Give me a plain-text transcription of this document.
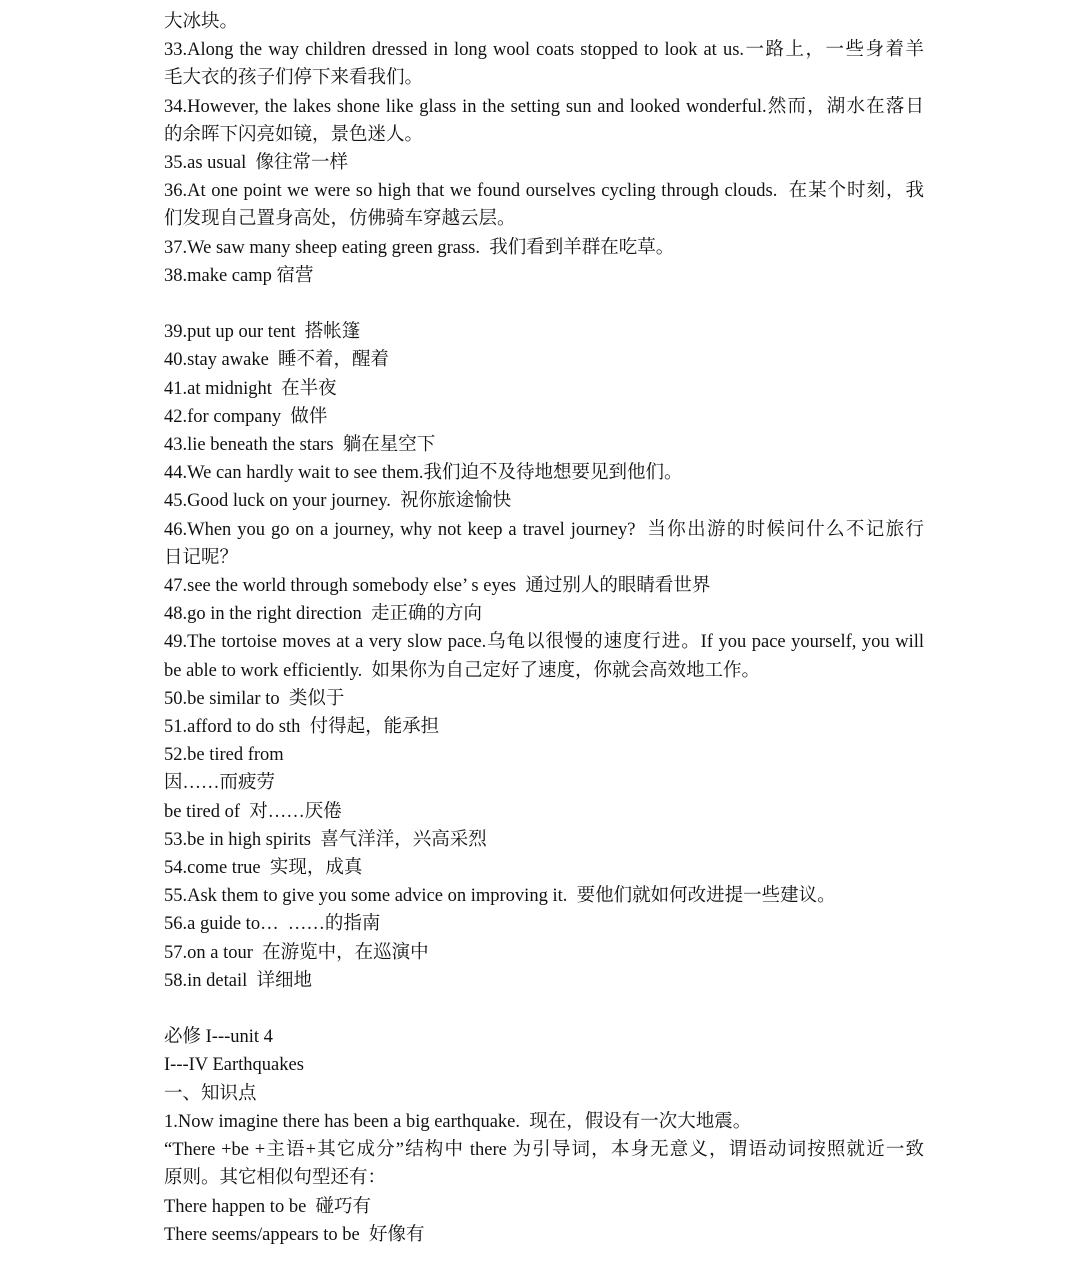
大冰块。
33.Along the way children dressed in long wool coats stopped to look at us.一路上，一些身着羊
毛大衣的孩子们停下来看我们。
34.However, the lakes shone like glass in the setting sun and looked wonderful.然而，湖水在落日
的余晖下闪亮如镜，景色迷人。
35.as usual  像往常一样
36.At one point we were so high that we found ourselves cycling through clouds.  在某个时刻，我
们发现自己置身高处，仿佛骑车穿越云层。
37.We saw many sheep eating green grass.  我们看到羊群在吃草。
38.make camp 宿营
39.put up our tent  搭帐篷
40.stay awake  睡不着，醒着
41.at midnight  在半夜
42.for company  做伴
43.lie beneath the stars  躺在星空下
44.We can hardly wait to see them.我们迫不及待地想要见到他们。
45.Good luck on your journey.  祝你旅途愉快
46.When you go on a journey, why not keep a travel journey?  当你出游的时候问什么不记旅行
日记呢？
47.see the world through somebody else’ s eyes  通过别人的眼睛看世界
48.go in the right direction  走正确的方向
49.The tortoise moves at a very slow pace.乌龟以很慢的速度行进。If you pace yourself, you will
be able to work efficiently.  如果你为自己定好了速度，你就会高效地工作。
50.be similar to  类似于
51.afford to do sth  付得起，能承担
52.be tired from
因……而疲劳
be tired of  对……厌倦
53.be in high spirits  喜气洋洋，兴高采烈
54.come true  实现，成真
55.Ask them to give you some advice on improving it.  要他们就如何改进提一些建议。
56.a guide to…  ……的指南
57.on a tour  在游览中，在巡演中
58.in detail  详细地
必修 I---unit 4
I---IV Earthquakes
一、知识点
1.Now imagine there has been a big earthquake.  现在，假设有一次大地震。
“There +be +主语+其它成分”结构中 there 为引导词，本身无意义，谓语动词按照就近一致
原则。其它相似句型还有：
There happen to be  碰巧有
There seems/appears to be  好像有
